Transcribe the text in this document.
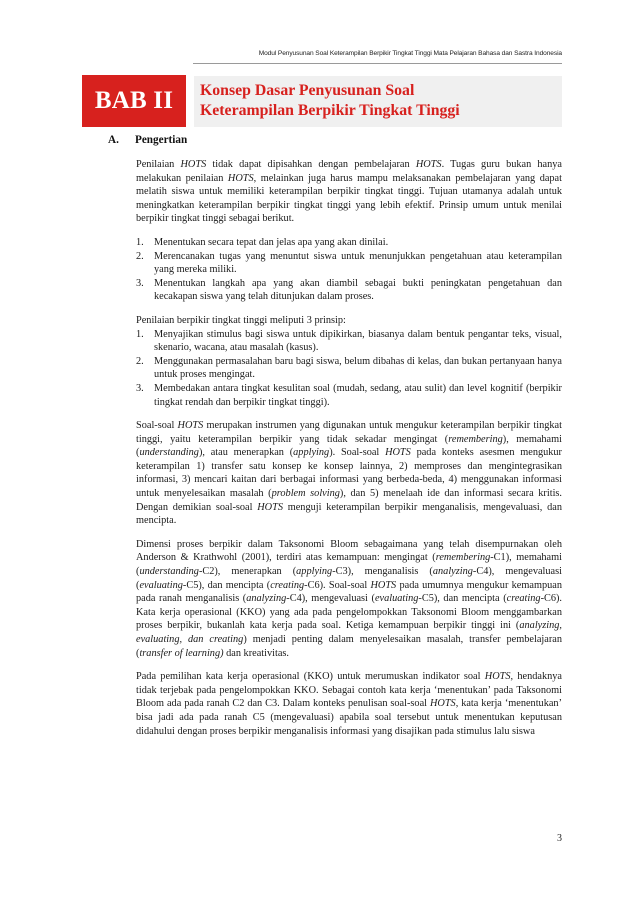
Modul Penyusunan Soal Keterampilan Berpikir Tingkat Tinggi Mata Pelajaran Bahasa dan Sastra Indonesia
BAB II	Konsep Dasar Penyusunan Soal
Keterampilan Berpikir Tingkat Tinggi
A. Pengertian

Penilaian HOTS tidak dapat dipisahkan dengan pembelajaran HOTS. Tugas guru bukan hanya melakukan penilaian HOTS, melainkan juga harus mampu melaksanakan pembelajaran yang dapat melatih siswa untuk memiliki keterampilan berpikir tingkat tinggi. Tujuan utamanya adalah untuk meningkatkan keterampilan berpikir tingkat tinggi yang lebih efektif. Prinsip umum untuk menilai berpikir tingkat tinggi sebagai berikut.

1. Menentukan secara tepat dan jelas apa yang akan dinilai.
2. Merencanakan tugas yang menuntut siswa untuk menunjukkan pengetahuan atau keterampilan yang mereka miliki.
3. Menentukan langkah apa yang akan diambil sebagai bukti peningkatan pengetahuan dan kecakapan siswa yang telah ditunjukan dalam proses.

Penilaian berpikir tingkat tinggi meliputi 3 prinsip:

1. Menyajikan stimulus bagi siswa untuk dipikirkan, biasanya dalam bentuk pengantar teks, visual, skenario, wacana, atau masalah (kasus).
2. Menggunakan permasalahan baru bagi siswa, belum dibahas di kelas, dan bukan pertanyaan hanya untuk proses mengingat.
3. Membedakan antara tingkat kesulitan soal (mudah, sedang, atau sulit) dan level kognitif (berpikir tingkat rendah dan berpikir tingkat tinggi).

Soal-soal HOTS merupakan instrumen yang digunakan untuk mengukur keterampilan berpikir tingkat tinggi, yaitu keterampilan berpikir yang tidak sekadar mengingat (remembering), memahami (understanding), atau menerapkan (applying). Soal-soal HOTS pada konteks asesmen mengukur keterampilan 1) transfer satu konsep ke konsep lainnya, 2) memproses dan mengintegrasikan informasi, 3) mencari kaitan dari berbagai informasi yang berbeda-beda, 4) menggunakan informasi untuk menyelesaikan masalah (problem solving), dan 5) menelaah ide dan informasi secara kritis. Dengan demikian soal-soal HOTS menguji keterampilan berpikir menganalisis, mengevaluasi, dan mencipta.

Dimensi proses berpikir dalam Taksonomi Bloom sebagaimana yang telah disempurnakan oleh Anderson & Krathwohl (2001), terdiri atas kemampuan: mengingat (remembering-C1), memahami (understanding-C2), menerapkan (applying-C3), menganalisis (analyzing-C4), mengevaluasi (evaluating-C5), dan mencipta (creating-C6). Soal-soal HOTS pada umumnya mengukur kemampuan pada ranah menganalisis (analyzing-C4), mengevaluasi (evaluating-C5), dan mencipta (creating-C6). Kata kerja operasional (KKO) yang ada pada pengelompokkan Taksonomi Bloom menggambarkan proses berpikir, bukanlah kata kerja pada soal. Ketiga kemampuan berpikir tinggi ini (analyzing, evaluating, dan creating) menjadi penting dalam menyelesaikan masalah, transfer pembelajaran (transfer of learning) dan kreativitas.

Pada pemilihan kata kerja operasional (KKO) untuk merumuskan indikator soal HOTS, hendaknya tidak terjebak pada pengelompokkan KKO. Sebagai contoh kata kerja ‘menentukan’ pada Taksonomi Bloom ada pada ranah C2 dan C3. Dalam konteks penulisan soal-soal HOTS, kata kerja ‘menentukan’ bisa jadi ada pada ranah C5 (mengevaluasi) apabila soal tersebut untuk menentukan keputusan didahului dengan proses berpikir menganalisis informasi yang disajikan pada stimulus lalu siswa

3
